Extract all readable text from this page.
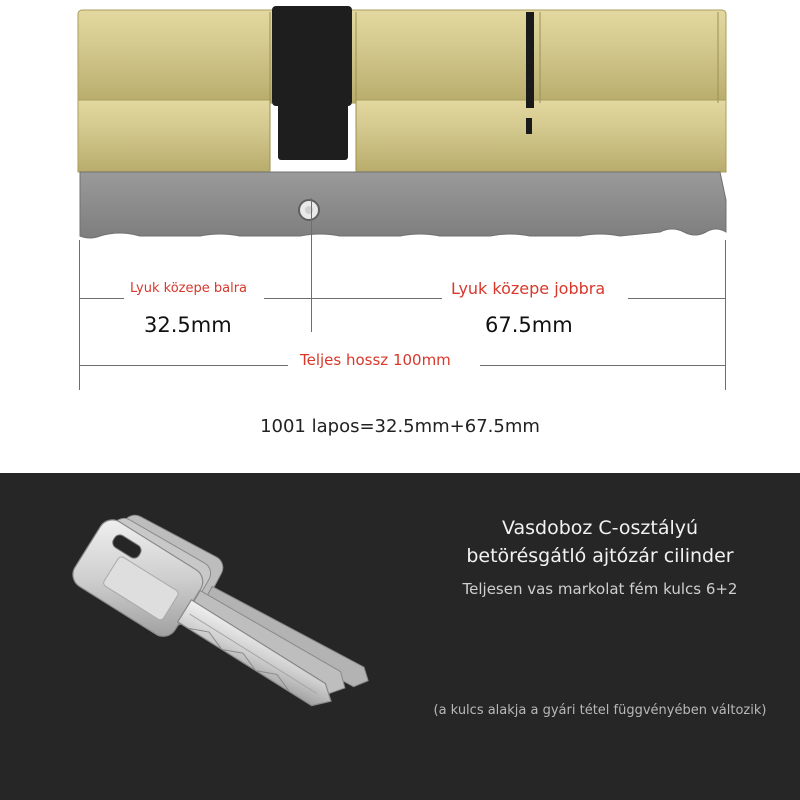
Lyuk közepe balra	Lyuk közepe jobbra
32.5mm	67.5mm
Teljes hossz 100mm
1001 lapos=32.5mm+67.5mm
Vasdoboz C-osztályú
betörésgátló ajtózár cilinder
Teljesen vas markolat fém kulcs 6+2
(a kulcs alakja a gyári tétel függvényében változik)
